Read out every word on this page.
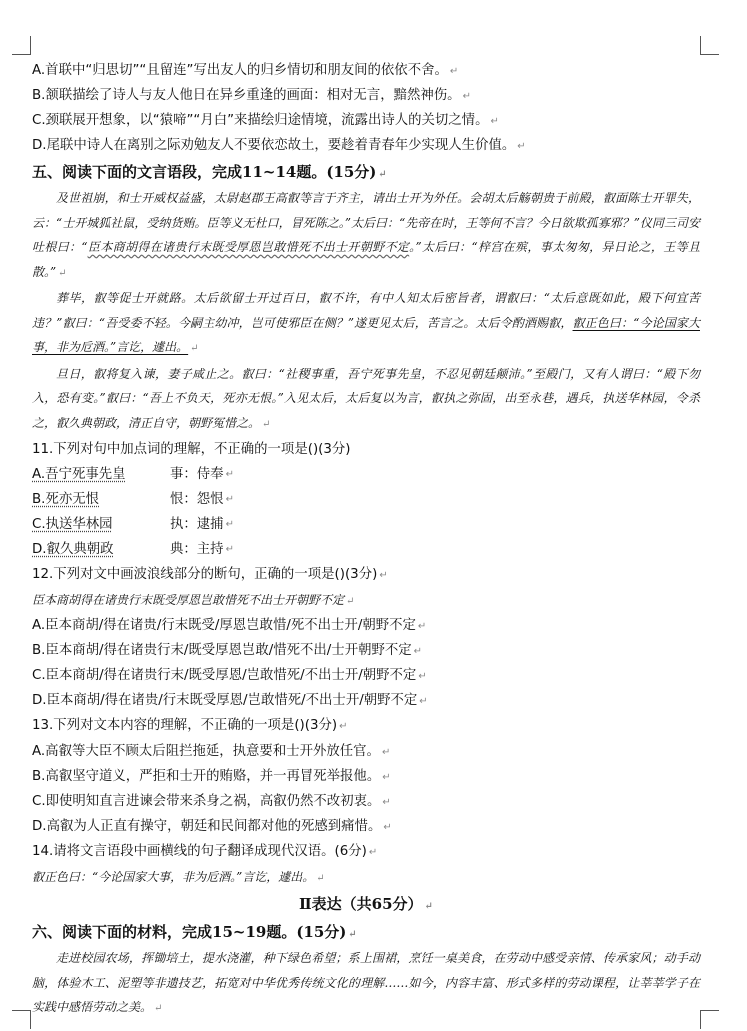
A.首联中“归思切”“且留连”写出友人的归乡情切和朋友间的依依不舍。 ↵
B.颔联描绘了诗人与友人他日在异乡重逢的画面：相对无言，黯然神伤。 ↵
C.颈联展开想象，以“猿啼”“月白”来描绘归途情境，流露出诗人的关切之情。 ↵
D.尾联中诗人在离别之际劝勉友人不要依恋故土，要趁着青春年少实现人生价值。 ↵
五、阅读下面的文言语段，完成11~14题。(15分) ↵

及世祖崩，和士开威权益盛，太尉赵郡王高叡等言于齐主，请出士开为外任。会胡太后觞朝贵于前殿，叡面陈士开罪失，云：“士开城狐社鼠，受纳货贿。臣等义无杜口，冒死陈之。”太后曰：“先帝在时，王等何不言？今日欲欺孤寡邪？”仪同三司安吐根曰：“臣本商胡得在诸贵行末既受厚恩岂敢惜死不出士开朝野不定。”太后曰：“梓宫在殡，事太匆匆，异日论之，王等且散。” ↵

葬毕，叡等促士开就路。太后欲留士开过百日，叡不许，有中人知太后密旨者，谓叡曰：“太后意既如此，殿下何宜苦违？”叡曰：“吾受委不轻。今嗣主幼冲，岂可使邪臣在侧？”遂更见太后，苦言之。太后令酌酒赐叡，叡正色曰：“今论国家大事，非为卮酒。”言讫，遽出。 ↵

旦日，叡将复入谏，妻子咸止之。叡曰：“社稷事重，吾宁死事先皇，不忍见朝廷颠沛。”至殿门，又有人谓曰：“殿下勿入，恐有变。”叡曰：“吾上不负天，死亦无恨。”入见太后，太后复以为言，叡执之弥固，出至永巷，遇兵，执送华林园，令杀之，叡久典朝政，清正自守，朝野冤惜之。 ↵

11.下列对句中加点词的理解，不正确的一项是()(3分)
A.吾宁死事先皇	事：侍奉 ↵
B.死亦无恨	恨：怨恨 ↵
C.执送华林园	执：逮捕 ↵
D.叡久典朝政	典：主持 ↵
12.下列对文中画波浪线部分的断句，正确的一项是()(3分) ↵
臣本商胡得在诸贵行末既受厚恩岂敢惜死不出士开朝野不定 ↵
A.臣本商胡/得在诸贵/行末既受/厚恩岂敢惜/死不出士开/朝野不定 ↵
B.臣本商胡/得在诸贵行末/既受厚恩岂敢/惜死不出/士开朝野不定 ↵
C.臣本商胡/得在诸贵行末/既受厚恩/岂敢惜死/不出士开/朝野不定 ↵
D.臣本商胡/得在诸贵/行末既受厚恩/岂敢惜死/不出士开/朝野不定 ↵
13.下列对文本内容的理解，不正确的一项是()(3分) ↵
A.高叡等大臣不顾太后阻拦拖延，执意要和士开外放任官。 ↵
B.高叡坚守道义，严拒和士开的贿赂，并一再冒死举报他。 ↵
C.即使明知直言进谏会带来杀身之祸，高叡仍然不改初衷。 ↵
D.高叡为人正直有操守，朝廷和民间都对他的死感到痛惜。 ↵
14.请将文言语段中画横线的句子翻译成现代汉语。(6分) ↵
叡正色曰：“今论国家大事，非为卮酒。”言讫，遽出。 ↵
Ⅱ表达（共65分） ↵
六、阅读下面的材料，完成15~19题。(15分) ↵

走进校园农场，挥锄培土，提水浇灌，种下绿色希望；系上围裙，烹饪一桌美食，在劳动中感受亲情、传承家风；动手动脑，体验木工、泥塑等非遗技艺，拓宽对中华优秀传统文化的理解……如今，内容丰富、形式多样的劳动课程，让莘莘学子在实践中感悟劳动之美。 ↵
